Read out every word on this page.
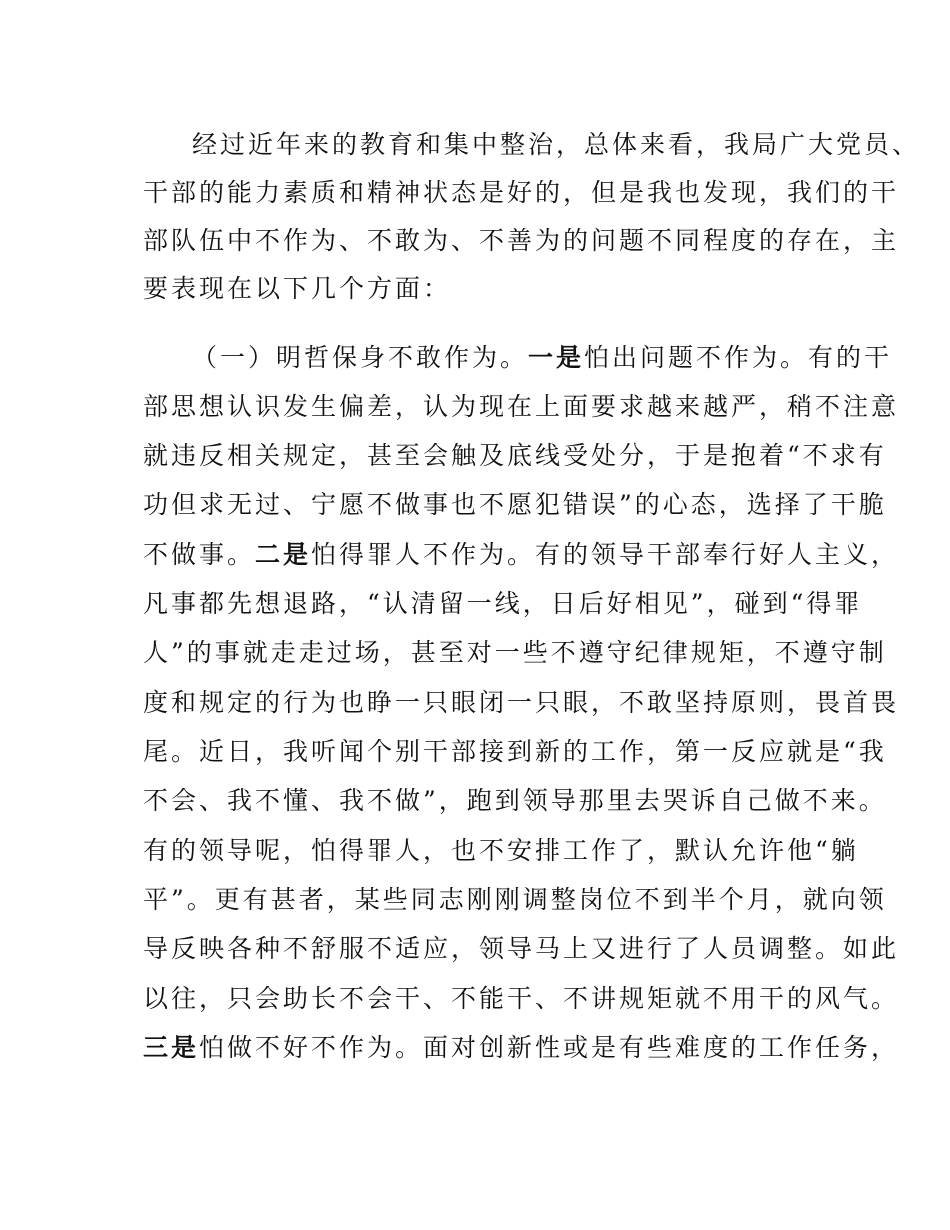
经过近年来的教育和集中整治，总体来看，我局广大党员、
干部的能力素质和精神状态是好的，但是我也发现，我们的干
部队伍中不作为、不敢为、不善为的问题不同程度的存在，主
要表现在以下几个方面：
（一）明哲保身不敢作为。一是怕出问题不作为。有的干
部思想认识发生偏差，认为现在上面要求越来越严，稍不注意
就违反相关规定，甚至会触及底线受处分，于是抱着“不求有
功但求无过、宁愿不做事也不愿犯错误”的心态，选择了干脆
不做事。二是怕得罪人不作为。有的领导干部奉行好人主义，
凡事都先想退路，“认清留一线，日后好相见”，碰到“得罪
人”的事就走走过场，甚至对一些不遵守纪律规矩，不遵守制
度和规定的行为也睁一只眼闭一只眼，不敢坚持原则，畏首畏
尾。近日，我听闻个别干部接到新的工作，第一反应就是“我
不会、我不懂、我不做”，跑到领导那里去哭诉自己做不来。
有的领导呢，怕得罪人，也不安排工作了，默认允许他“躺
平”。更有甚者，某些同志刚刚调整岗位不到半个月，就向领
导反映各种不舒服不适应，领导马上又进行了人员调整。如此
以往，只会助长不会干、不能干、不讲规矩就不用干的风气。
三是怕做不好不作为。面对创新性或是有些难度的工作任务，
